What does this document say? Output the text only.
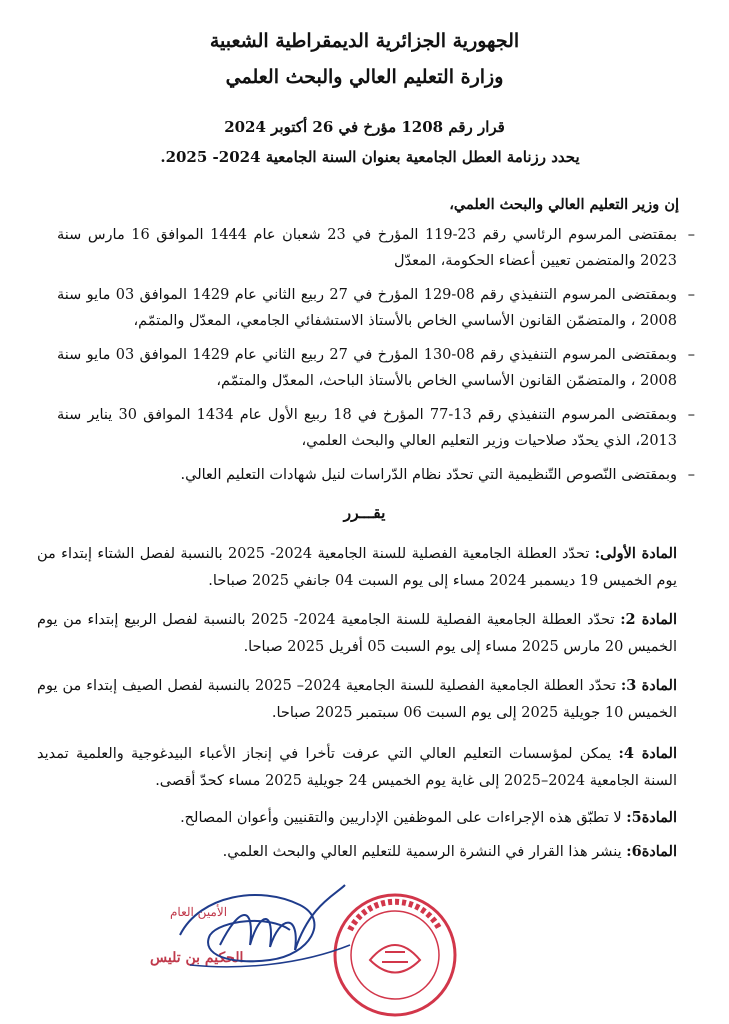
الجهورية الجزائرية الديمقراطية الشعبية
وزارة التعليم العالي والبحث العلمي
قرار رقم 1208 مؤرخ في 26 أكتوبر 2024
يحدد رزنامة العطل الجامعية بعنوان السنة الجامعية 2024- 2025.
إن وزير التعليم العالي والبحث العلمي،
–
بمقتضى المرسوم الرئاسي رقم 23-119 المؤرخ في 23 شعبان عام 1444 الموافق 16 مارس سنة 2023 والمتضمن تعيين أعضاء الحكومة، المعدّل
–
وبمقتضى المرسوم التنفيذي رقم 08-129 المؤرخ في 27 ربيع الثاني عام 1429 الموافق 03 مايو سنة 2008 ، والمتضمّن القانون الأساسي الخاص بالأستاذ الاستشفائي الجامعي، المعدّل والمتمّم،
–
وبمقتضى المرسوم التنفيذي رقم 08-130 المؤرخ في 27 ربيع الثاني عام 1429 الموافق 03 مايو سنة 2008 ، والمتضمّن القانون الأساسي الخاص بالأستاذ الباحث، المعدّل والمتمّم،
–
وبمقتضى المرسوم التنفيذي رقم 13-77 المؤرخ في 18 ربيع الأول عام 1434 الموافق 30 يناير سنة 2013، الذي يحدّد صلاحيات وزير التعليم العالي والبحث العلمي،
–
وبمقتضى النّصوص التّنظيمية التي تحدّد نظام الدّراسات لنيل شهادات التعليم العالي.
يقـــرر
المادة الأولى: تحدّد العطلة الجامعية الفصلية للسنة الجامعية 2024- 2025 بالنسبة لفصل الشتاء إبتداء من يوم الخميس 19 ديسمبر 2024 مساء إلى يوم السبت 04 جانفي 2025 صباحا.
المادة 2: تحدّد العطلة الجامعية الفصلية للسنة الجامعية 2024- 2025 بالنسبة لفصل الربيع إبتداء من يوم الخميس 20 مارس 2025 مساء إلى يوم السبت 05 أفريل 2025 صباحا.
المادة 3: تحدّد العطلة الجامعية الفصلية للسنة الجامعية 2024– 2025 بالنسبة لفصل الصيف إبتداء من يوم الخميس 10 جويلية 2025 إلى يوم السبت 06 سبتمبر 2025 صباحا.
المادة 4: يمكن لمؤسسات التعليم العالي التي عرفت تأخرا في إنجاز الأعباء البيدغوجية والعلمية تمديد السنة الجامعية 2024–2025 إلى غاية يوم الخميس 24 جويلية 2025 مساء كحدّ أقصى.
المادة5: لا تطبّق هذه الإجراءات على الموظفين الإداريين والتقنيين وأعوان المصالح.
المادة6: ينشر هذا القرار في النشرة الرسمية للتعليم العالي والبحث العلمي.
الأمين العام
الحكيم بن تليس
